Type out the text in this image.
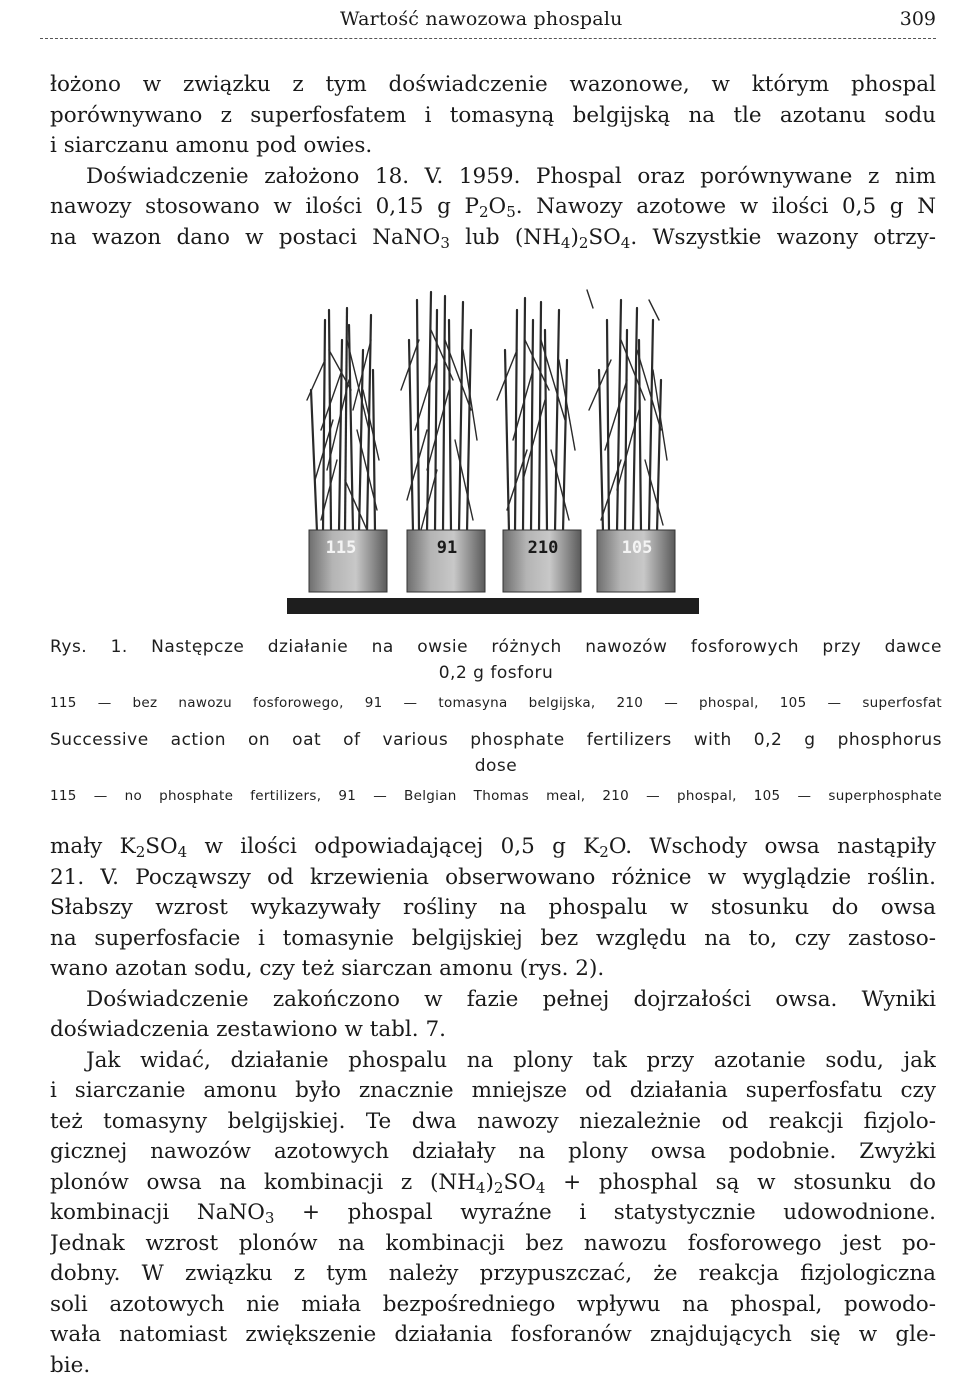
Wartość nawozowa phospalu	309
łożono w związku z tym doświadczenie wazonowe, w którym phospal
porównywano z superfosfatem i tomasyną belgijską na tle azotanu sodu
i siarczanu amonu pod owies.
Doświadczenie założono 18. V. 1959. Phospal oraz porównywane z nim
nawozy stosowano w ilości 0,15 g $P_2O_5$. Nawozy azotowe w ilości 0,5 g N
na wazon dano w postaci NaNO$_3$ lub $(NH_4)_2SO_4$. Wszystkie wazony otrzy-
115	91	210	105
Rys. 1. Następcze działanie na owsie różnych nawozów fosforowych przy dawce
0,2 g fosforu
115 — bez nawozu fosforowego, 91 — tomasyna belgijska, 210 — phospal, 105 — superfosfat
Successive action on oat of various phosphate fertilizers with 0,2 g phosphorus
dose
115 — no phosphate fertilizers, 91 — Belgian Thomas meal, 210 — phospal, 105 — superphosphate
mały $K_2SO_4$ w ilości odpowiadającej 0,5 g $K_2O$. Wschody owsa nastąpiły
21. V. Począwszy od krzewienia obserwowano różnice w wyglądzie roślin.
Słabszy wzrost wykazywały rośliny na phospalu w stosunku do owsa
na superfosfacie i tomasynie belgijskiej bez względu na to, czy zastoso-
wano azotan sodu, czy też siarczan amonu (rys. 2).
Doświadczenie zakończono w fazie pełnej dojrzałości owsa. Wyniki
doświadczenia zestawiono w tabl. 7.
Jak widać, działanie phospalu na plony tak przy azotanie sodu, jak
i siarczanie amonu było znacznie mniejsze od działania superfosfatu czy
też tomasyny belgijskiej. Te dwa nawozy niezależnie od reakcji fizjolo-
gicznej nawozów azotowych działały na plony owsa podobnie. Zwyżki
plonów owsa na kombinacji z $(NH_4)_2SO_4$ + phosphal są w stosunku do
kombinacji NaNO$_3$ + phospal wyraźne i statystycznie udowodnione.
Jednak wzrost plonów na kombinacji bez nawozu fosforowego jest po-
dobny. W związku z tym należy przypuszczać, że reakcja fizjologiczna
soli azotowych nie miała bezpośredniego wpływu na phospal, powodo-
wała natomiast zwiększenie działania fosforanów znajdujących się w gle-
bie.
